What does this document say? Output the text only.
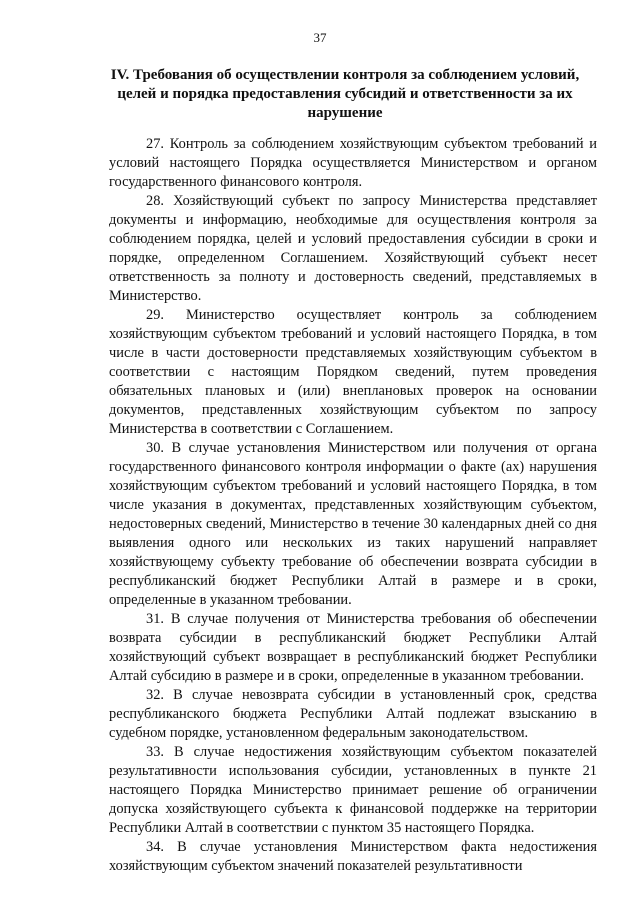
37
IV. Требования об осуществлении контроля за соблюдением условий,
целей и порядка предоставления субсидий и ответственности за их
нарушение

27. Контроль за соблюдением хозяйствующим субъектом требований и условий настоящего Порядка осуществляется Министерством и органом государственного финансового контроля.

28. Хозяйствующий субъект по запросу Министерства представляет документы и информацию, необходимые для осуществления контроля за соблюдением порядка, целей и условий предоставления субсидии в сроки и порядке, определенном Соглашением. Хозяйствующий субъект несет ответственность за полноту и достоверность сведений, представляемых в Министерство.

29. Министерство осуществляет контроль за соблюдением хозяйствующим субъектом требований и условий настоящего Порядка, в том числе в части достоверности представляемых хозяйствующим субъектом в соответствии с настоящим Порядком сведений, путем проведения обязательных плановых и (или) внеплановых проверок на основании документов, представленных хозяйствующим субъектом по запросу Министерства в соответствии с Соглашением.

30. В случае установления Министерством или получения от органа государственного финансового контроля информации о факте (ах) нарушения хозяйствующим субъектом требований и условий настоящего Порядка, в том числе указания в документах, представленных хозяйствующим субъектом, недостоверных сведений, Министерство в течение 30 календарных дней со дня выявления одного или нескольких из таких нарушений направляет хозяйствующему субъекту требование об обеспечении возврата субсидии в республиканский бюджет Республики Алтай в размере и в сроки, определенные в указанном требовании.

31. В случае получения от Министерства требования об обеспечении возврата субсидии в республиканский бюджет Республики Алтай хозяйствующий субъект возвращает в республиканский бюджет Республики Алтай субсидию в размере и в сроки, определенные в указанном требовании.

32. В случае невозврата субсидии в установленный срок, средства республиканского бюджета Республики Алтай подлежат взысканию в судебном порядке, установленном федеральным законодательством.

33. В случае недостижения хозяйствующим субъектом показателей результативности использования субсидии, установленных в пункте 21 настоящего Порядка Министерство принимает решение об ограничении допуска хозяйствующего субъекта к финансовой поддержке на территории Республики Алтай в соответствии с пунктом 35 настоящего Порядка.

34. В случае установления Министерством факта недостижения хозяйствующим субъектом значений показателей результативности
